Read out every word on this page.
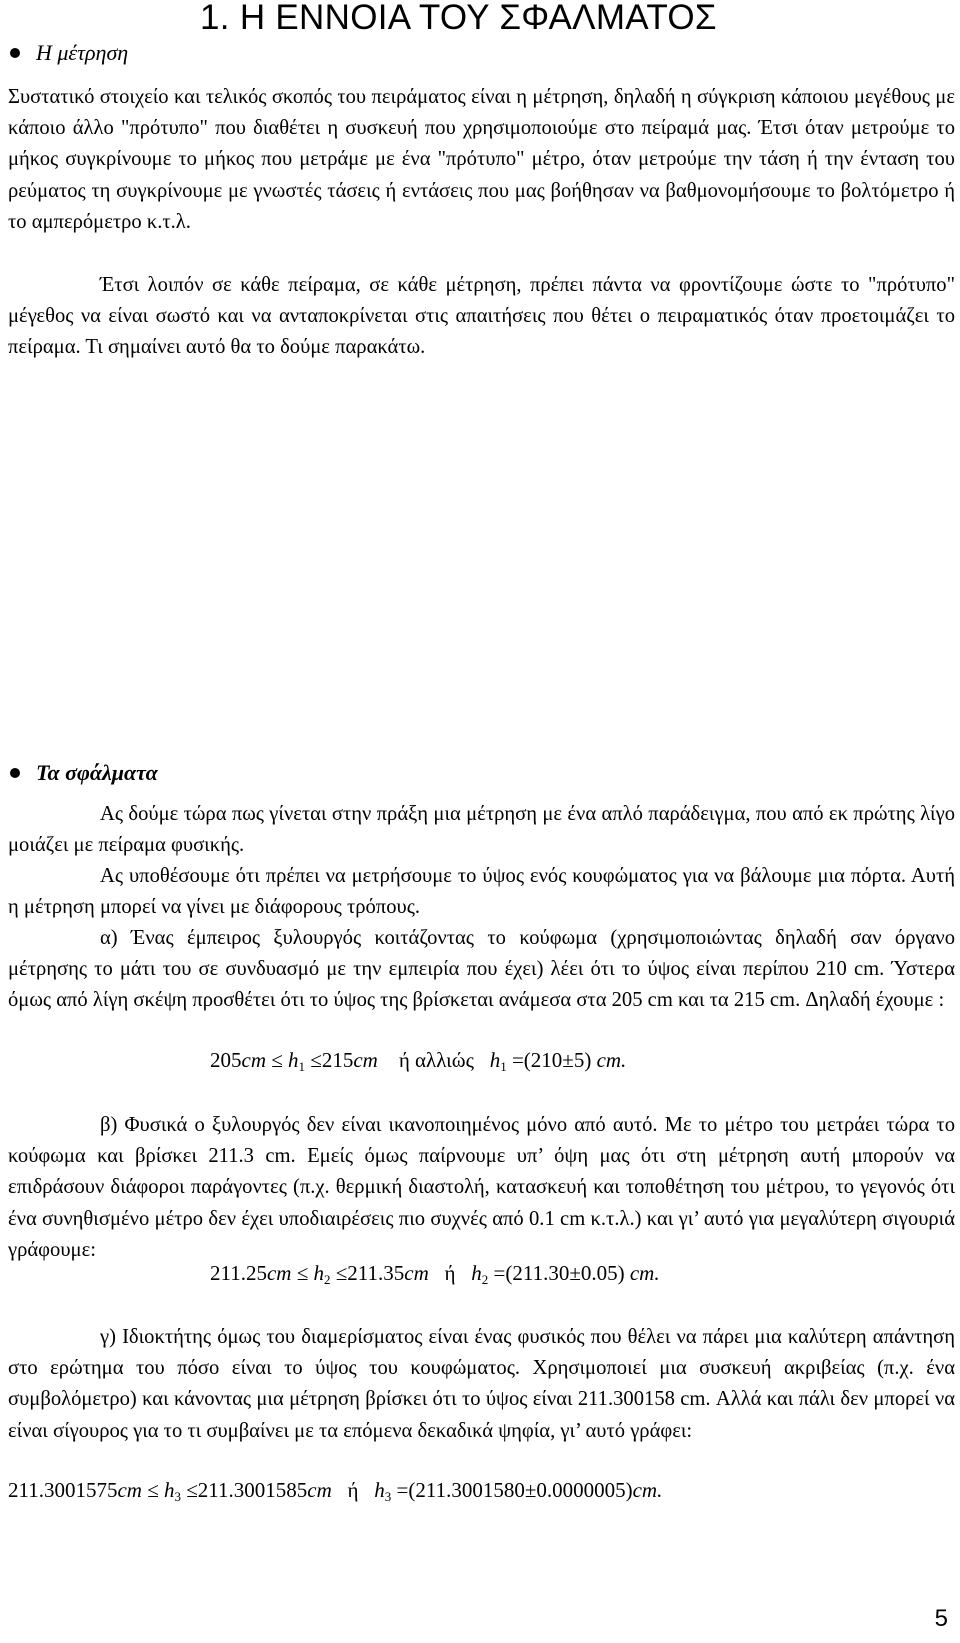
1. Η ΕΝΝΟΙΑ ΤΟΥ ΣΦΑΛΜΑΤΟΣ
Η μέτρηση

Συστατικό στοιχείο και τελικός σκοπός του πειράματος είναι η μέτρηση, δηλαδή η σύγκριση κάποιου μεγέθους με κάποιο άλλο "πρότυπο" που διαθέτει η συσκευή που χρησιμοποιούμε στο πείραμά μας. Έτσι όταν μετρούμε το μήκος συγκρίνουμε το μήκος που μετράμε με ένα "πρότυπο" μέτρο, όταν μετρούμε την τάση ή την ένταση του ρεύματος τη συγκρίνουμε με γνωστές τάσεις ή εντάσεις που μας βοήθησαν να βαθμονομήσουμε το βολτόμετρο ή το αμπερόμετρο κ.τ.λ.

Έτσι λοιπόν σε κάθε πείραμα, σε κάθε μέτρηση, πρέπει πάντα να φροντίζουμε ώστε το "πρότυπο" μέγεθος να είναι σωστό και να ανταποκρίνεται στις απαιτήσεις που θέτει ο πειραματικός όταν προετοιμάζει το πείραμα. Τι σημαίνει αυτό θα το δούμε παρακάτω.

Τα σφάλματα

Ας δούμε τώρα πως γίνεται στην πράξη μια μέτρηση με ένα απλό παράδειγμα, που από εκ πρώτης λίγο μοιάζει με πείραμα φυσικής.

Ας υποθέσουμε ότι πρέπει να μετρήσουμε το ύψος ενός κουφώματος για να βάλουμε μια πόρτα. Αυτή η μέτρηση μπορεί να γίνει με διάφορους τρόπους.

α) Ένας έμπειρος ξυλουργός κοιτάζοντας το κούφωμα (χρησιμοποιώντας δηλαδή σαν όργανο μέτρησης το μάτι του σε συνδυασμό με την εμπειρία που έχει) λέει ότι το ύψος είναι περίπου 210 cm. Ύστερα όμως από λίγη σκέψη προσθέτει ότι το ύψος της βρίσκεται ανάμεσα στα 205 cm και τα 215 cm. Δηλαδή έχουμε :

$205cm \le h_1 \le 215cm$ ή αλλιώς $h_1 =(210\pm 5)$ cm.

β) Φυσικά ο ξυλουργός δεν είναι ικανοποιημένος μόνο από αυτό. Με το μέτρο του μετράει τώρα το κούφωμα και βρίσκει 211.3 cm. Εμείς όμως παίρνουμε υπ’ όψη μας ότι στη μέτρηση αυτή μπορούν να επιδράσουν διάφοροι παράγοντες (π.χ. θερμική διαστολή, κατασκευή και τοποθέτηση του μέτρου, το γεγονός ότι ένα συνηθισμένο μέτρο δεν έχει υποδιαιρέσεις πιο συχνές από 0.1 cm κ.τ.λ.) και γι’ αυτό για μεγαλύτερη σιγουριά γράφουμε:

$211.25cm \le h_2 \le 211.35cm$ ή $h_2 =(211.30\pm 0.05)$ cm.

γ) Ιδιοκτήτης όμως του διαμερίσματος είναι ένας φυσικός που θέλει να πάρει μια καλύτερη απάντηση στο ερώτημα του πόσο είναι το ύψος του κουφώματος. Χρησιμοποιεί μια συσκευή ακριβείας (π.χ. ένα συμβολόμετρο) και κάνοντας μια μέτρηση βρίσκει ότι το ύψος είναι 211.300158 cm. Αλλά και πάλι δεν μπορεί να είναι σίγουρος για το τι συμβαίνει με τα επόμενα δεκαδικά ψηφία, γι’ αυτό γράφει:

$211.3001575cm \le h_3 \le 211.3001585cm$ ή $h_3 =(211.3001580\pm 0.0000005)cm$.

5
